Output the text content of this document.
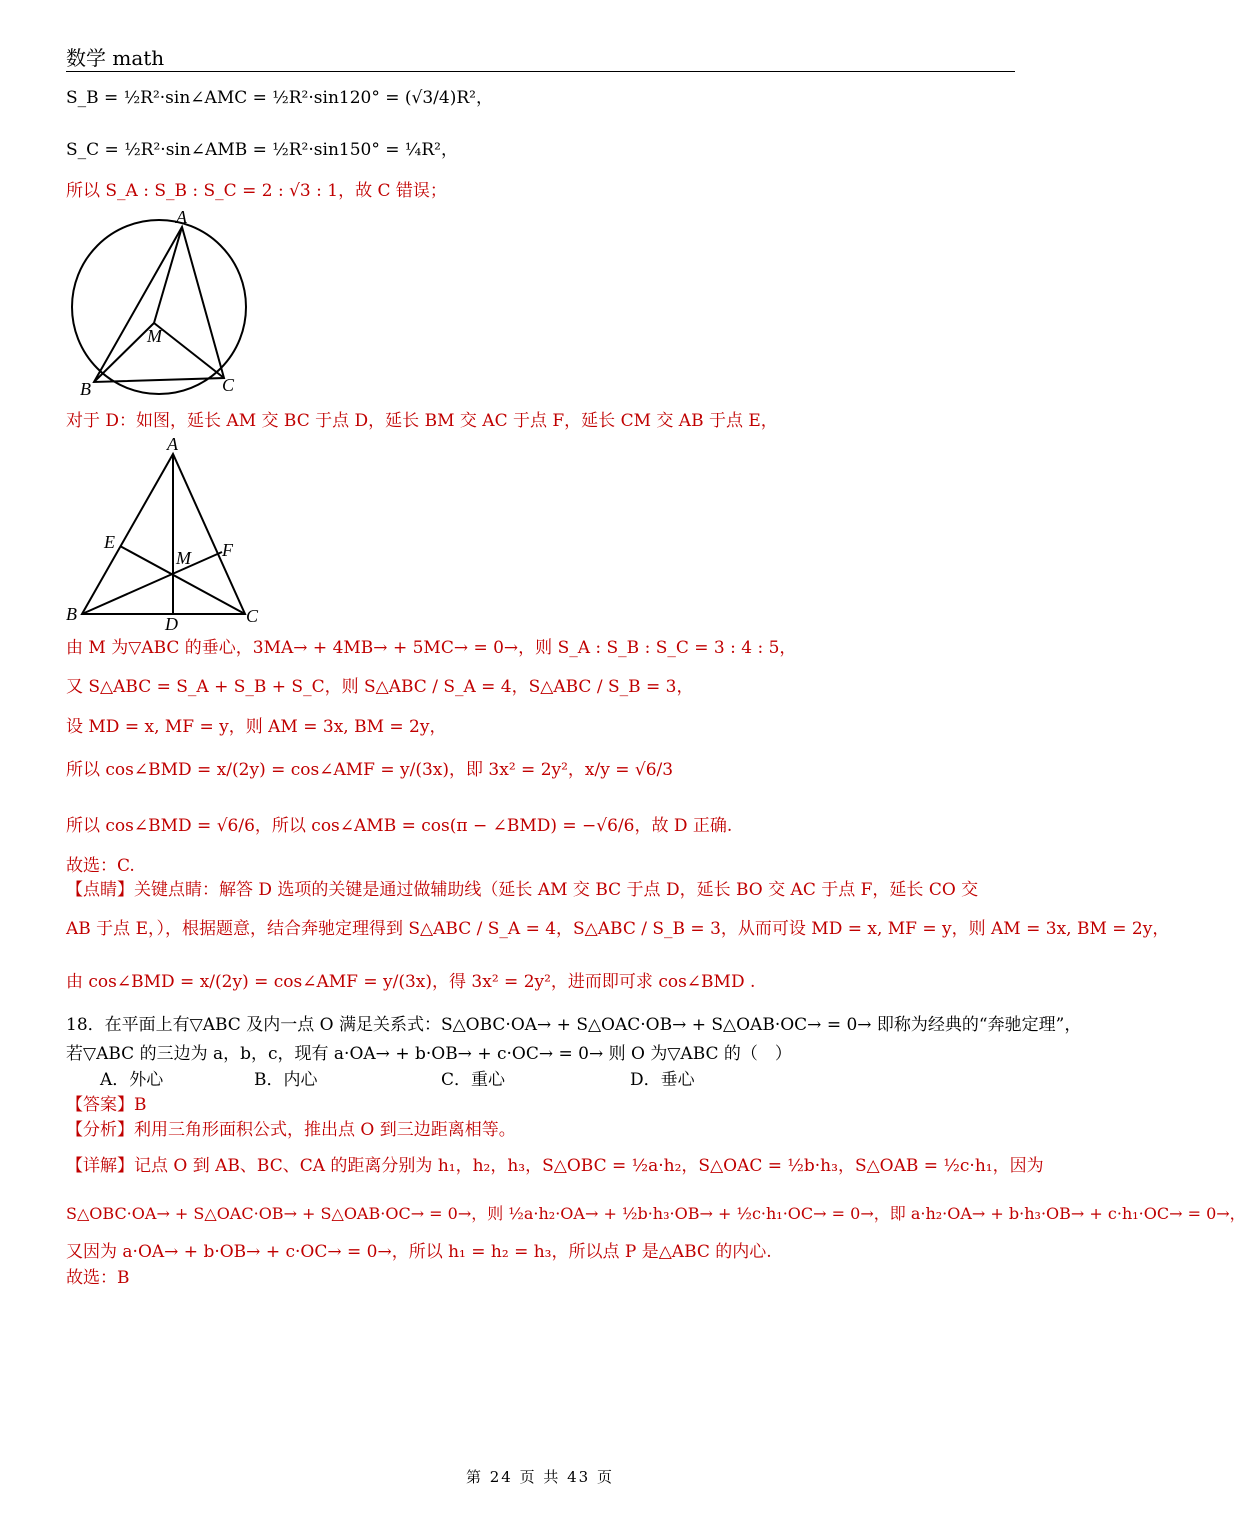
数学 math
S_B = ½R²·sin∠AMC = ½R²·sin120° = (√3/4)R²，
S_C = ½R²·sin∠AMB = ½R²·sin150° = ¼R²，
所以 S_A : S_B : S_C = 2 : √3 : 1，故 C 错误；
A
B	C
M
对于 D：如图，延长 AM 交 BC 于点 D，延长 BM 交 AC 于点 F，延长 CM 交 AB 于点 E，
A
B	C
D
E	F
M
由 M 为▽ABC 的垂心，3MA→ + 4MB→ + 5MC→ = 0→，则 S_A : S_B : S_C = 3 : 4 : 5，
又 S△ABC = S_A + S_B + S_C，则 S△ABC / S_A = 4，S△ABC / S_B = 3，
设 MD = x, MF = y，则 AM = 3x, BM = 2y，
所以 cos∠BMD = x/(2y) = cos∠AMF = y/(3x)，即 3x² = 2y²，x/y = √6/3
所以 cos∠BMD = √6/6，所以 cos∠AMB = cos(π − ∠BMD) = −√6/6，故 D 正确.
故选：C.
【点睛】关键点睛：解答 D 选项的关键是通过做辅助线（延长 AM 交 BC 于点 D，延长 BO 交 AC 于点 F，延长 CO 交
AB 于点 E，），根据题意，结合奔驰定理得到 S△ABC / S_A = 4，S△ABC / S_B = 3，从而可设 MD = x, MF = y，则 AM = 3x, BM = 2y，
由 cos∠BMD = x/(2y) = cos∠AMF = y/(3x)，得 3x² = 2y²，进而即可求 cos∠BMD .
18．在平面上有▽ABC 及内一点 O 满足关系式：S△OBC·OA→ + S△OAC·OB→ + S△OAB·OC→ = 0→ 即称为经典的“奔驰定理”，
若▽ABC 的三边为 a，b，c，现有 a·OA→ + b·OB→ + c·OC→ = 0→ 则 O 为▽ABC 的（　）
A．外心	B．内心	C．重心	D．垂心
【答案】B
【分析】利用三角形面积公式，推出点 O 到三边距离相等。
【详解】记点 O 到 AB、BC、CA 的距离分别为 h₁，h₂，h₃，S△OBC = ½a·h₂，S△OAC = ½b·h₃，S△OAB = ½c·h₁，因为
S△OBC·OA→ + S△OAC·OB→ + S△OAB·OC→ = 0→，则 ½a·h₂·OA→ + ½b·h₃·OB→ + ½c·h₁·OC→ = 0→，即 a·h₂·OA→ + b·h₃·OB→ + c·h₁·OC→ = 0→，
又因为 a·OA→ + b·OB→ + c·OC→ = 0→，所以 h₁ = h₂ = h₃，所以点 P 是△ABC 的内心.
故选：B
第 24 页 共 43 页
